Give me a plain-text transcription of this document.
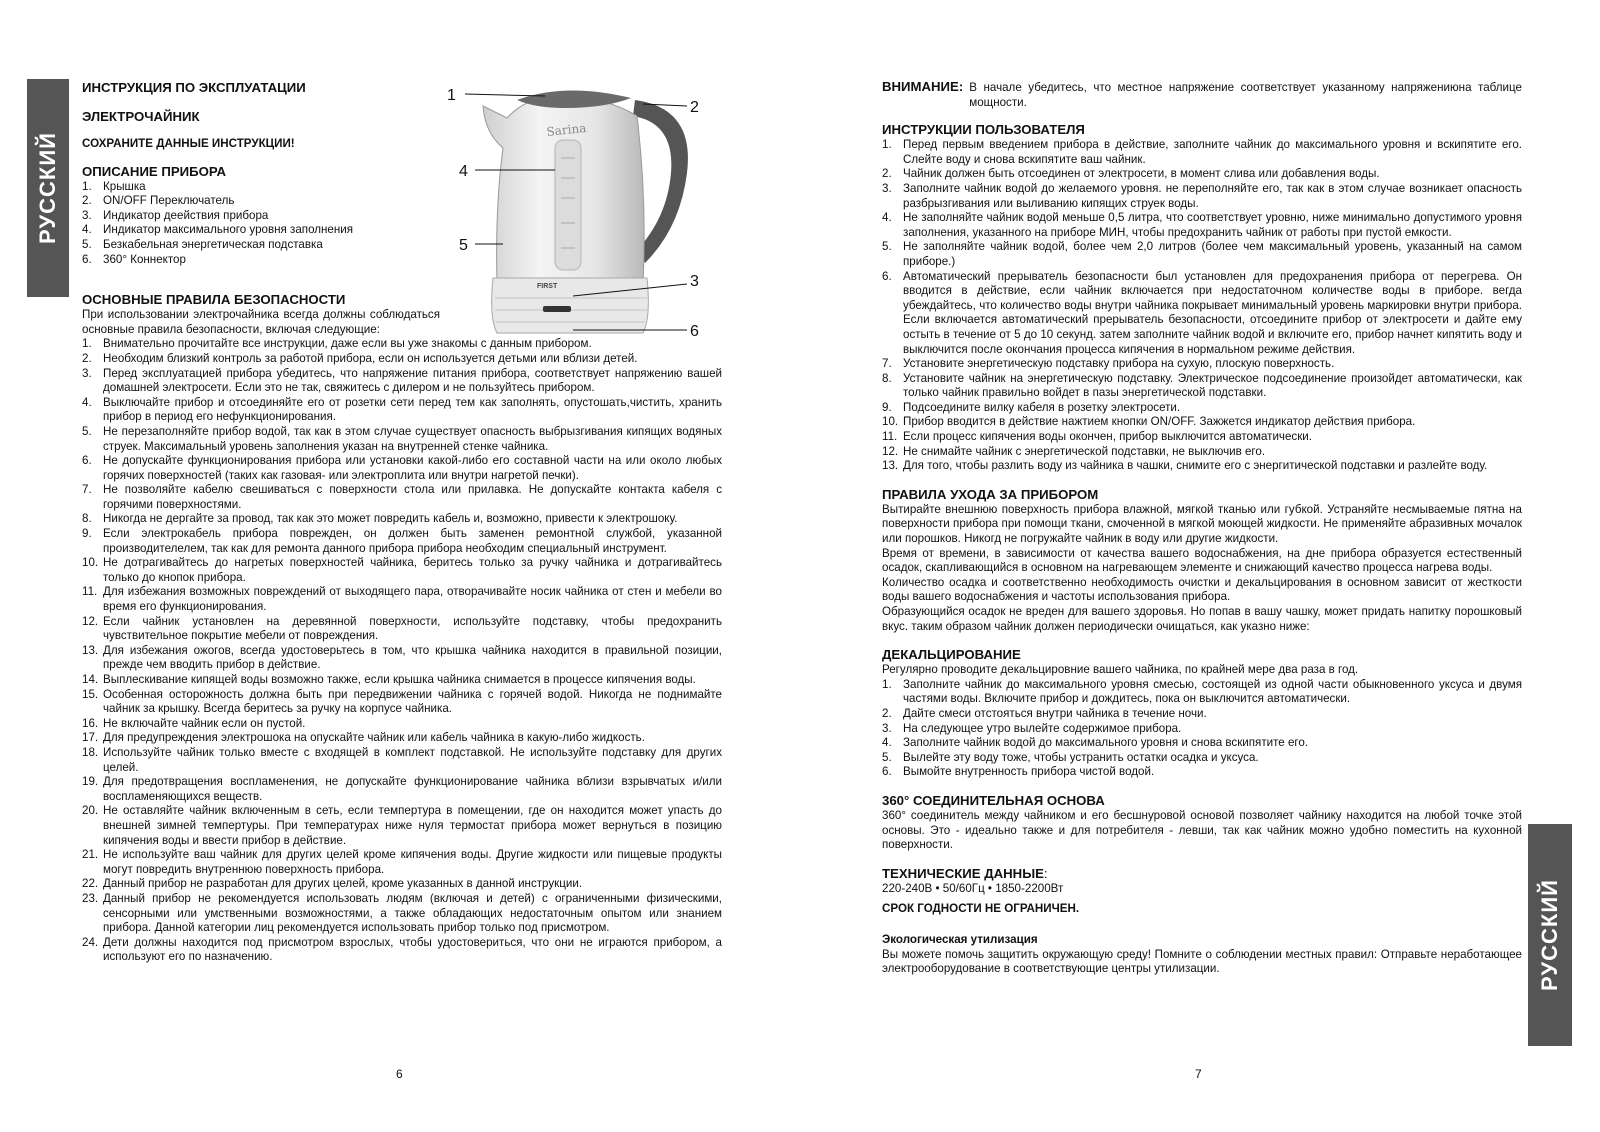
РУССКИЙ
РУССКИЙ
Sarina
FIRST
1
2
3
4
5
6
ИНСТРУКЦИЯ ПО ЭКСПЛУАТАЦИИ
ЭЛЕКТРОЧАЙНИК

СОХРАНИТЕ ДАННЫЕ ИНСТРУКЦИИ!

ОПИСАНИЕ ПРИБОРА
1. Крышка
2. ON/OFF Переключатель
3. Индикатор деействия прибора
4. Индикатор максимального уровня заполнения
5. Безкабельная энергетическая подставка
6. 360° Коннектор
ОСНОВНЫЕ ПРАВИЛА БЕЗОПАСНОСТИ

При использовании электрочайника всегда должны соблюдаться основные правила безопасности, включая следующие:

1. Внимательно прочитайте все инструкции, даже если вы уже знакомы с данным прибором.
2. Необходим близкий контроль за работой прибора, если он используется детьми или вблизи детей.
3. Перед эксплуатацией прибора убедитесь, что напряжение питания прибора, соответствует напряжению вашей домашней электросети. Если это не так, свяжитесь с дилером и не пользуйтесь прибором.
4. Выключайте прибор и отсоединяйте его от розетки сети перед тем как заполнять, опустошать,чистить, хранить прибор в период его нефункционирования.
5. Не перезаполняйте прибор водой, так как в этом случае существует опасность выбрызгивания кипящих водяных струек. Максимальный уровень заполнения указан на внутренней стенке чайника.
6. Не допускайте функционирования прибора или установки какой-либо его составной части на или около любых горячих поверхностей (таких как газовая- или электроплита или внутри нагретой печки).
7. Не позволяйте кабелю свешиваться с поверхности стола или прилавка. Не допускайте контакта кабеля с горячими поверхностями.
8. Никогда не дергайте за провод, так как это может повредить кабель и, возможно, привести к электрошоку.
9. Если электрокабель прибора поврежден, он должен быть заменен ремонтной службой, указанной производителелем, так как для ремонта данного прибора прибора необходим специальный инструмент.
10. Не дотрагивайтесь до нагретых поверхностей чайника, беритесь только за ручку чайника и дотрагивайтесь только до кнопок прибора.
11. Для избежания возможных повреждений от выходящего пара, отворачивайте носик чайника от стен и мебели во время его функционирования.
12. Если чайник установлен на деревянной поверхности, используйте подставку, чтобы предохранить чувствительное покрытие мебели от повреждения.
13. Для избежания ожогов, всегда удостоверьтесь в том, что крышка чайника находится в правильной позиции, прежде чем вводить прибор в действие.
14. Выплескивание кипящей воды возможно также, если крышка чайника снимается в процессе кипячения воды.
15. Особенная осторожность должна быть при передвижении чайника с горячей водой. Никогда не поднимайте чайник за крышку. Всегда беритесь за ручку на корпусе чайника.
16. Не включайте чайник если он пустой.
17. Для предупреждения электрошока на опускайте чайник или кабель чайника в какую-либо жидкость.
18. Используйте чайник только вместе с входящей в комплект подставкой. Не используйте подставку для других целей.
19. Для предотвращения воспламенения, не допускайте функционирование чайника вблизи взрывчатых и/или воспламеняющихся веществ.
20. Не оставляйте чайник включенным в сеть, если темпертура в помещении, где он находится может упасть до внешней зимней темпертуры. При температурах ниже нуля термостат прибора может вернуться в позицию кипячения воды и ввести прибор в действие.
21. Не используйте ваш чайник для других целей кроме кипячения воды. Другие жидкости или пищевые продукты могут повредить внутреннюю поверхность прибора.
22. Данный прибор не разработан для других целей, кроме указанных в данной инструкции.
23. Данный прибор не рекомендуется использовать людям (включая и детей) с ограниченными физическими, сенсорными или умственными возможностями, а также обладающих недостаточным опытом или знанием прибора. Данной категории лиц рекомендуется использовать прибор только под присмотром.
24. Дети должны находится под присмотром взрослых, чтобы удостовериться, что они не играются прибором, а используют его по назначению.
6
ВНИМАНИЕ: В начале убедитесь, что местное напряжение соответствует указанному напряжениюна таблице мощности.
ИНСТРУКЦИИ ПОЛЬЗОВАТЕЛЯ
1. Перед первым введением прибора в действие, заполните чайник до максимального уровня и вскипятите его. Слейте воду и снова вскипятите ваш чайник.
2. Чайник должен быть отсоединен от электросети, в момент слива или добавления воды.
3. Заполните чайник водой до желаемого уровня. не переполняйте его, так как в этом случае возникает опасность разбрызгивания или выливанию кипящих струек воды.
4. Не заполняйте чайник водой меньше 0,5 литра, что соответствует уровню, ниже минимально допустимого уровня заполнения, указанного на приборе МИН, чтобы предохранить чайник от работы при пустой емкости.
5. Не заполняйте чайник водой, более чем 2,0 литров (более чем максимальный уровень, указанный на самом приборе.)
6. Автоматический прерыватель безопасности был установлен для предохранения прибора от перегрева. Он вводится в действие, если чайник включается при недостаточном количестве воды в приборе. вегда убеждайтесь, что количество воды внутри чайника покрывает минимальный уровень маркировки внутри прибора. Если включается автоматический прерыватель безопасности, отсоедините прибор от электросети и дайте ему остыть в течение от 5 до 10 секунд. затем заполните чайник водой и включите его, прибор начнет кипятить воду и выключится после окончания процесса кипячения в нормальном режиме действия.
7. Установите энергетическую подставку прибора на сухую, плоскую поверхность.
8. Установите чайник на энергетическую подставку. Электрическое подсоединение произойдет автоматически, как только чайник правильно войдет в пазы энергетической подставки.
9. Подсоедините вилку кабеля в розетку электросети.
10. Прибор вводится в действие нажтием кнопки ON/OFF. Зажжется индикатор действия прибора.
11. Если процесс кипячения воды окончен, прибор выключится автоматически.
12. Не снимайте чайник с энергетической подставки, не выключив его.
13. Для того, чтобы разлить воду из чайника в чашки, снимите его с энергитической подставки и разлейте воду.
ПРАВИЛА УХОДА ЗА ПРИБОРОМ

Вытирайте внешнюю поверхность прибора влажной, мягкой тканью или губкой. Устраняйте несмываемые пятна на поверхности прибора при помощи ткани, смоченной в мягкой моющей жидкости. Не применяйте абразивных мочалок или порошков. Никогд не погружайте чайник в воду или другие жидкости.

Время от времени, в зависимости от качества вашего водоснабжения, на дне прибора образуется естественный осадок, скапливающийся в основном на нагревающем элементе и снижающий качество процесса нагрева воды.

Количество осадка и соответственно необходимость очистки и декальцирования в основном зависит от жесткости воды вашего водоснабжения и частоты использования прибора.

Образующийся осадок не вреден для вашего здоровья. Но попав в вашу чашку, может придать напитку порошковый вкус. таким образом чайник должен периодически очищаться, как указно ниже:

ДЕКАЛЬЦИРОВАНИЕ

Регулярно проводите декальцировние вашего чайника, по крайней мере два раза в год.

1. Заполните чайник до максимального уровня смесью, состоящей из одной части обыкновенного уксуса и двумя частями воды. Включите прибор и дождитесь, пока он выключится автоматически.
2. Дайте смеси отстояться внутри чайника в течение ночи.
3. На следующее утро вылейте содержимое прибора.
4. Заполните чайник водой до максимального уровня и снова вскипятите его.
5. Вылейте эту воду тоже, чтобы устранить остатки осадка и уксуса.
6. Вымойте внутренность прибора чистой водой.
360° СОЕДИНИТЕЛЬНАЯ ОСНОВА

360° соединитель между чайником и его бесшнуровой основой позволяет чайнику находится на любой точке этой основы. Это - идеально также и для потребителя - левши, так как чайник можно удобно поместить на кухонной поверхности.

ТЕХНИЧЕСКИЕ ДАННЫЕ:

220-240В • 50/60Гц • 1850-2200Вт

СРОК ГОДНОСТИ НЕ ОГРАНИЧЕН.

Экологическая утилизация

Вы можете помочь защитить окружающую среду! Помните о соблюдении местных правил: Отправьте неработающее электрооборудование в соответствующие центры утилизации.

7
